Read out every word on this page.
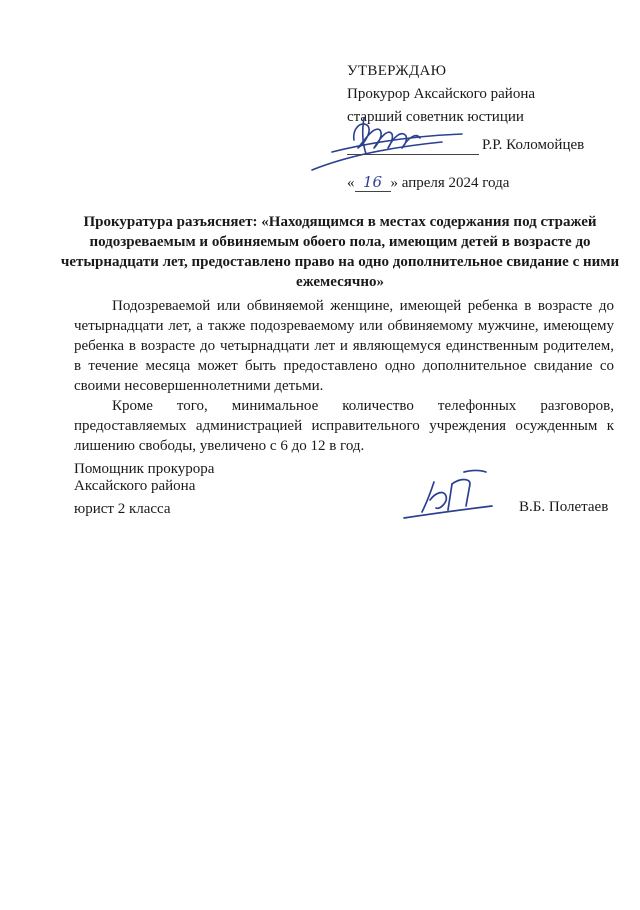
УТВЕРЖДАЮ
Прокурор Аксайского района
старший советник юстиции
Р.Р. Коломойцев
« 16 » апреля 2024 года
Прокуратура разъясняет: «Находящимся в местах содержания под стражей подозреваемым и обвиняемым обоего пола, имеющим детей в возрасте до четырнадцати лет, предоставлено право на одно дополнительное свидание с ними ежемесячно»

Подозреваемой или обвиняемой женщине, имеющей ребенка в возрасте до четырнадцати лет, а также подозреваемому или обвиняемому мужчине, имеющему ребенка в возрасте до четырнадцати лет и являющемуся единственным родителем, в течение месяца может быть предоставлено одно дополнительное свидание со своими несовершеннолетними детьми.

Кроме того, минимальное количество телефонных разговоров, предоставляемых администрацией исправительного учреждения осужденным к лишению свободы, увеличено с 6 до 12 в год.

Помощник прокурора
Аксайского района
юрист 2 класса	В.Б. Полетаев
